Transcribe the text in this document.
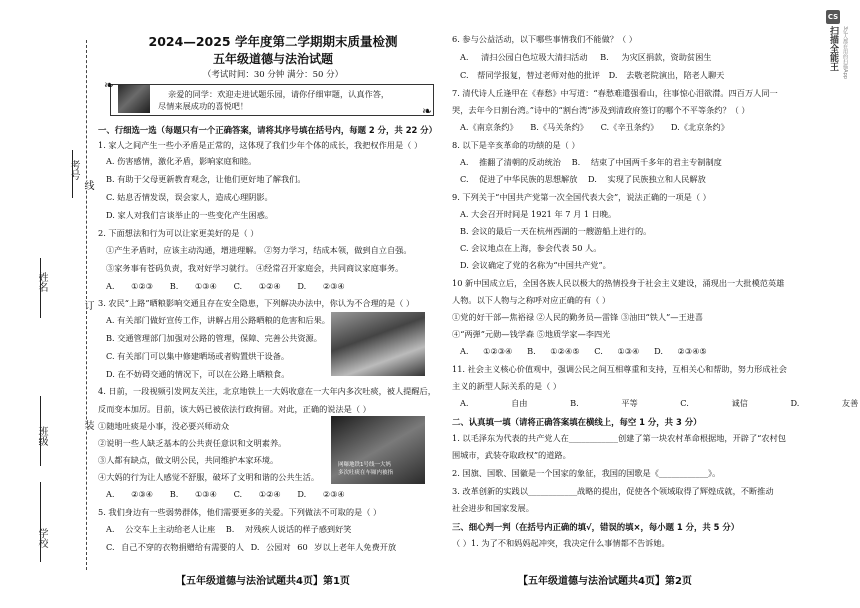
考号
姓名
班级
学校
线
订
装
2024—2025 学年度第二学期期末质量检测
五年级道德与法治试题
（考试时间：30 分钟 满分：50 分）
❧
❧
亲爱的同学：欢迎走进试题乐园，请你仔细审题，认真作答，
尽情来展成功的喜悦吧！
一、行细选一选（每题只有一个正确答案，请将其序号填在括号内，每题 2 分，共 22 分）
1. 家人之间产生一些小矛盾是正常的，这体现了我们少年个体的成长，我把权作用是（ ）
A. 伤害感情，激化矛盾，影响家庭和睦。
B. 有助于父母更新教育观念，让他们更好地了解我们。
C. 姑息否情发误，误会家人，造成心理阴影。
D. 家人对我们言谈举止的一些变化产生困惑。
2. 下面想法和行为可以让家更美好的是（ ）
①产生矛盾时，应该主动沟通，增进理解。 ②努力学习，结成本领，做到自立自强。
③家务事有苍码负责，我对好学习就行。 ④经常召开家庭会，共同商议家庭事务。
A. ①②③ B. ①③④ C. ①②④ D. ②③④
3. 农民“上路”晒粮影响交通且存在安全隐患，下列解决办法中，你认为不合理的是（ ）
A. 有关部门做好宣传工作，讲解占用公路晒粮的危害和后果。
B. 交通管理部门加强对公路的管理，保障、完善公共资源。
C. 有关部门可以集中修建晒场或者购置烘干设备。
D. 在不妨碍交通的情况下，可以在公路上晒粮食。
4. 日前，一段视频引发网友关注，北京地铁上一大妈收意在一大年内多次吐痰，被人提醒后，
反而变本加厉。目前，该大妈已被依法行政拘留。对此，正确的说法是（ ）
①随地吐痰是小事，没必要兴师动众
②说明一些人缺乏基本的公共责任意识和文明素养。
③人都有缺点，做文明公民，共同维护本家环境。
④大妈的行为让人感觉不舒服，破坏了文明和谐的公共生活。
A. ②③④ B. ①③④ C. ①②④ D. ②③④
网曝地铁1号线一大妈
多次吐痰在车厢内被指
5. 我们身边有一些弱势群体，他们需要更多的关爱。下列做法不可取的是（ ）
A. 公交车上主动给老人让座 B. 对残疾人说话的样子感到好笑
C. 自己不穿的衣物捐赠给有需要的人 D. 公园对 60 岁以上老年人免费开放
【五年级道德与法治试题共4页】第1页
6. 参与公益活动，以下哪些事情我们不能做？（ ）
A. 清扫公园白色垃圾大清扫活动 B. 为灾区捐款，资助贫困生
C. 帮同学报复，替过老师对他的批评 D. 去敬老院演出，陪老人聊天
7. 清代诗人丘逢甲在《春愁》中写道：“春愁难遣强看山，往事惊心泪欲潸。四百万人同一
哭，去年今日割台湾。”诗中的“割台湾”涉及到清政府签订的哪个不平等条约？（ ）
A.《南京条约》 B.《马关条约》 C.《辛丑条约》 D.《北京条约》
8. 以下是辛亥革命的功绩的是（ ）
A. 推翻了清朝的反动统治 B. 结束了中国两千多年的君主专制制度
C. 促进了中华民族的思想解放 D. 实现了民族独立和人民解放
9. 下列关于“中国共产党第一次全国代表大会”，说法正确的一项是（ ）
A. 大会召开时间是 1921 年 7 月 1 日晚。
B. 会议的最后一天在杭州西湖的一艘游船上进行的。
C. 会议地点在上海，参会代表 50 人。
D. 会议确定了党的名称为“中国共产党”。
10 新中国成立后，全国各族人民以极大的热情投身于社会主义建设，涌现出一大批模范英雄
人物。以下人物与之称呼对应正确的有（ ）
①党的好干部—焦裕禄 ②人民的勤务员—雷锋 ③油田“铁人”—王进喜
④“两弹”元勋—钱学森 ⑤地质学家—李四光
A. ①②③④ B. ①②④⑤ C. ①③④ D. ②③④⑤
11. 社会主义核心价值观中，强调公民之间互相尊重和支持，互相关心和帮助，努力形成社会
主义的新型人际关系的是（ ）
A. 自由 B. 平等 C. 诚信 D. 友善
二、认真填一填（请将正确答案填在横线上，每空 1 分，共 3 分）
1. 以毛泽东为代表的共产党人在____________创建了第一块农村革命根据地，开辟了“农村包
围城市，武装夺取政权”的道路。
2. 国旗、国歌、国徽是一个国家的象征，我国的国歌是《____________》。
3. 改革创新的实践以____________战略的提出，促使各个领域取得了辉煌成就，不断推动
社会进步和国家发展。
三、细心判一判（在括号内正确的填√，错误的填×，每小题 1 分，共 5 分）
（ ）1. 为了不和妈妈起冲突，我决定什么事情都不告诉她。
【五年级道德与法治试题共4页】第2页
CS
扫描全能王 3亿人都在用的扫描App
